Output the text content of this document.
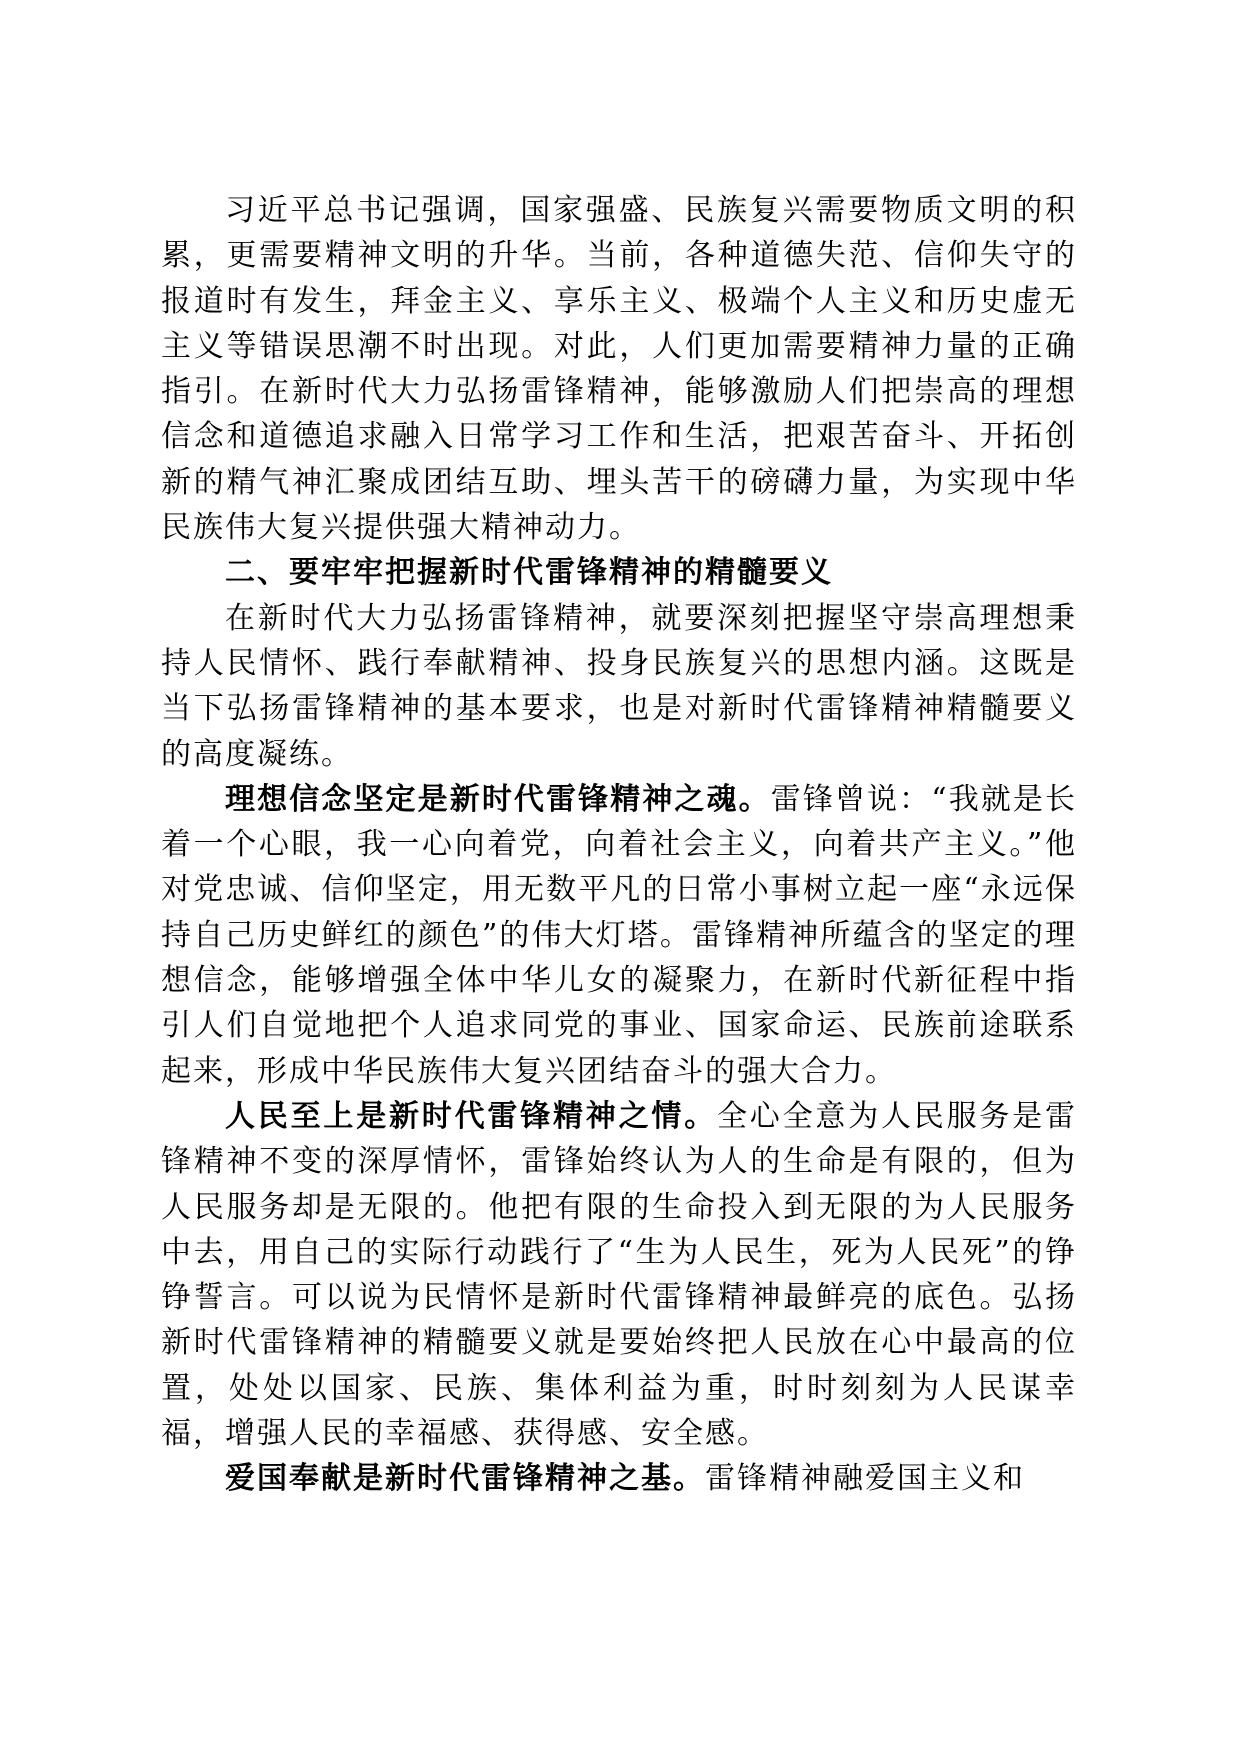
习近平总书记强调，国家强盛、民族复兴需要物质文明的积累，更需要精神文明的升华。当前，各种道德失范、信仰失守的报道时有发生，拜金主义、享乐主义、极端个人主义和历史虚无主义等错误思潮不时出现。对此，人们更加需要精神力量的正确指引。在新时代大力弘扬雷锋精神，能够激励人们把崇高的理想信念和道德追求融入日常学习工作和生活，把艰苦奋斗、开拓创新的精气神汇聚成团结互助、埋头苦干的磅礴力量，为实现中华民族伟大复兴提供强大精神动力。

二、要牢牢把握新时代雷锋精神的精髓要义

在新时代大力弘扬雷锋精神，就要深刻把握坚守崇高理想秉持人民情怀、践行奉献精神、投身民族复兴的思想内涵。这既是当下弘扬雷锋精神的基本要求，也是对新时代雷锋精神精髓要义的高度凝练。

理想信念坚定是新时代雷锋精神之魂。雷锋曾说：“我就是长着一个心眼，我一心向着党，向着社会主义，向着共产主义。”他对党忠诚、信仰坚定，用无数平凡的日常小事树立起一座“永远保持自己历史鲜红的颜色”的伟大灯塔。雷锋精神所蕴含的坚定的理想信念，能够增强全体中华儿女的凝聚力，在新时代新征程中指引人们自觉地把个人追求同党的事业、国家命运、民族前途联系起来，形成中华民族伟大复兴团结奋斗的强大合力。

人民至上是新时代雷锋精神之情。全心全意为人民服务是雷锋精神不变的深厚情怀，雷锋始终认为人的生命是有限的，但为人民服务却是无限的。他把有限的生命投入到无限的为人民服务中去，用自己的实际行动践行了“生为人民生，死为人民死”的铮铮誓言。可以说为民情怀是新时代雷锋精神最鲜亮的底色。弘扬新时代雷锋精神的精髓要义就是要始终把人民放在心中最高的位置，处处以国家、民族、集体利益为重，时时刻刻为人民谋幸福，增强人民的幸福感、获得感、安全感。

爱国奉献是新时代雷锋精神之基。雷锋精神融爱国主义和
